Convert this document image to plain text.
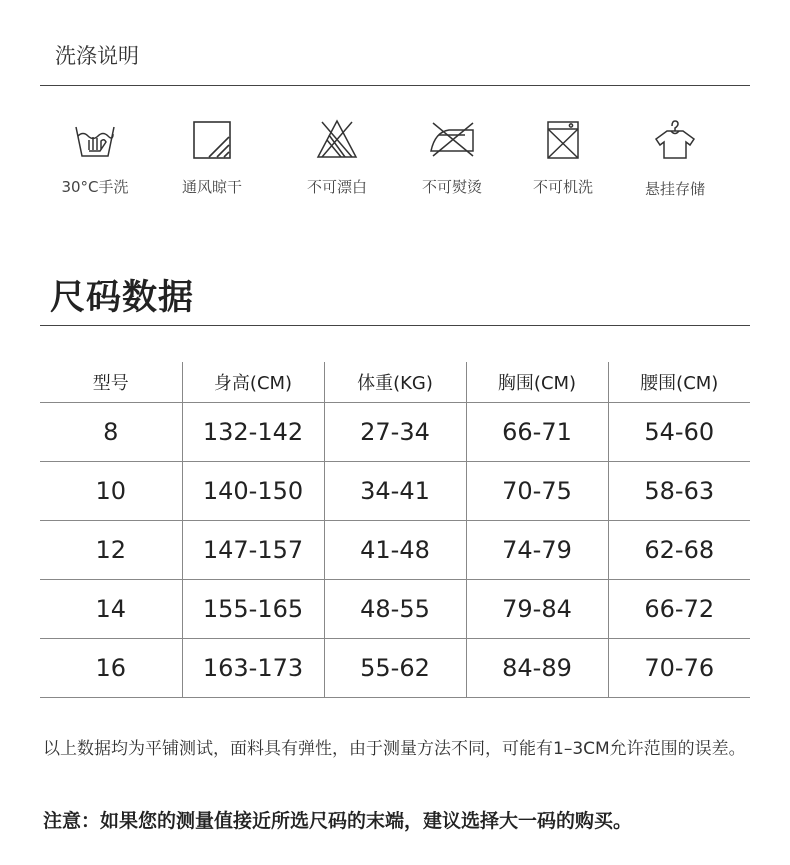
洗涤说明
30°C手洗	通风晾干	不可漂白	不可熨烫	不可机洗	悬挂存储
尺码数据
型号	身高(CM)	体重(KG)	胸围(CM)	腰围(CM)
8	132-142	27-34	66-71	54-60
10	140-150	34-41	70-75	58-63
12	147-157	41-48	74-79	62-68
14	155-165	48-55	79-84	66-72
16	163-173	55-62	84-89	70-76
以上数据均为平铺测试，面料具有弹性，由于测量方法不同，可能有1–3CM允许范围的误差。
注意：如果您的测量值接近所选尺码的末端，建议选择大一码的购买。
